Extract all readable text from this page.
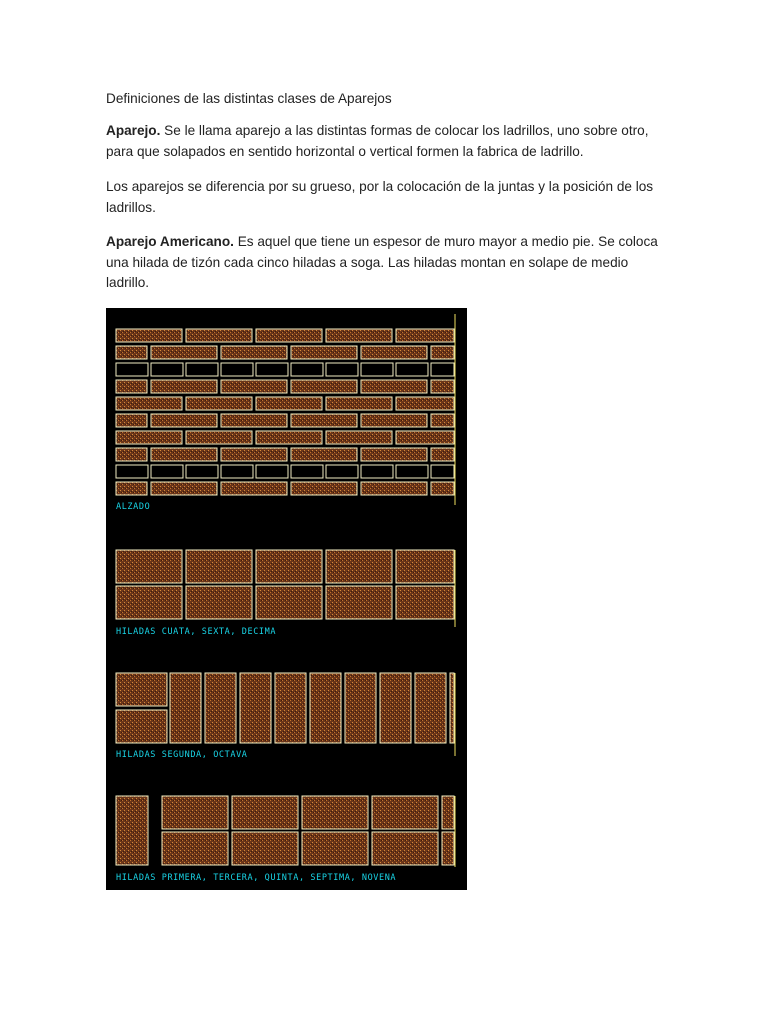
Definiciones de las distintas clases de Aparejos

Aparejo. Se le llama aparejo a las distintas formas de colocar los ladrillos, uno sobre otro, para que solapados en sentido horizontal o vertical formen la fabrica de ladrillo.

Los aparejos se diferencia por su grueso, por la colocación de la juntas y la posición de los ladrillos.

Aparejo Americano. Es aquel que tiene un espesor de muro mayor a medio pie. Se coloca una hilada de tizón cada cinco hiladas a soga. Las hiladas montan en solape de medio ladrillo.

ALZADO
HILADAS CUATA, SEXTA, DECIMA
HILADAS SEGUNDA, OCTAVA
HILADAS PRIMERA, TERCERA, QUINTA, SEPTIMA, NOVENA
